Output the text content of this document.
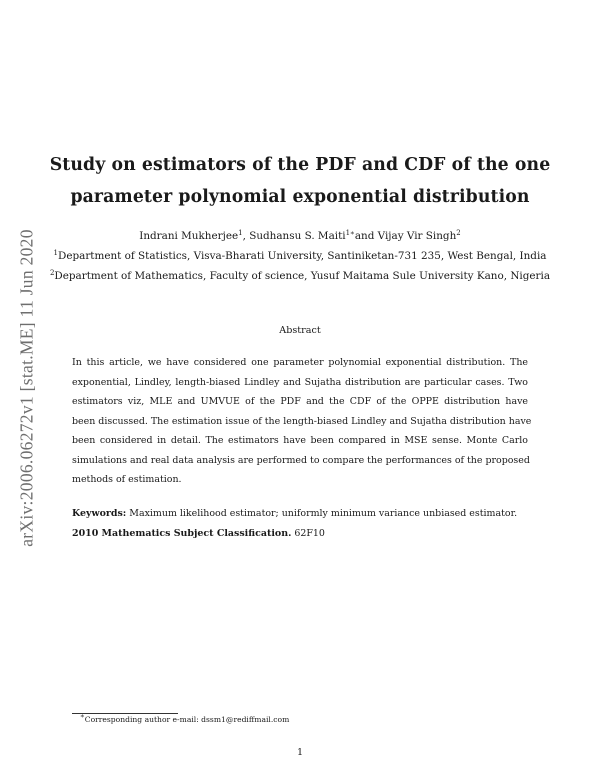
arXiv:2006.06272v1 [stat.ME] 11 Jun 2020
Study on estimators of the PDF and CDF of the one
parameter polynomial exponential distribution
Indrani Mukherjee$^1$, Sudhansu S. Maiti$^{1∗}$and Vijay Vir Singh$^2$
$^1$Department of Statistics, Visva-Bharati University, Santiniketan-731 235, West Bengal, India
$^2$Department of Mathematics, Faculty of science, Yusuf Maitama Sule University Kano, Nigeria
Abstract
In this article, we have considered one parameter polynomial exponential distribution. The
exponential, Lindley, length-biased Lindley and Sujatha distribution are particular cases. Two
estimators viz, MLE and UMVUE of the PDF and the CDF of the OPPE distribution have
been discussed. The estimation issue of the length-biased Lindley and Sujatha distribution have
been considered in detail. The estimators have been compared in MSE sense. Monte Carlo
simulations and real data analysis are performed to compare the performances of the proposed
methods of estimation.
Keywords: Maximum likelihood estimator; uniformly minimum variance unbiased estimator.
2010 Mathematics Subject Classification. 62F10
∗Corresponding author e-mail: dssm1@rediffmail.com
1
